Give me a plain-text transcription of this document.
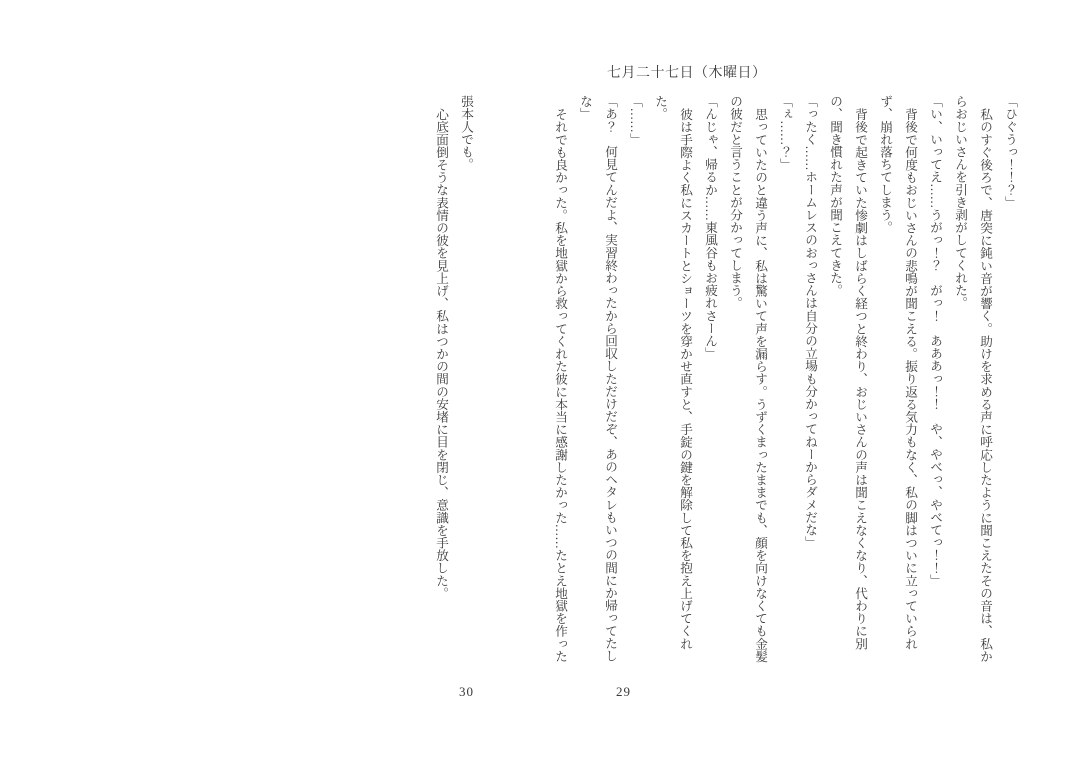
七月二十七日（木曜日）

「ひぐうっ！！？」

私のすぐ後ろで、唐突に鈍い音が響く。助けを求める声に呼応したように聞こえたその音は、私からおじいさんを引き剥がしてくれた。

「い、いってえ……うがっ！？　がっ！　あああっ！！　や、やべっ、やべてっ！！」

背後で何度もおじいさんの悲鳴が聞こえる。振り返る気力もなく、私の脚はついに立っていられず、崩れ落ちてしまう。

背後で起きていた惨劇はしばらく経つと終わり、おじいさんの声は聞こえなくなり、代わりに別の、聞き慣れた声が聞こえてきた。

「ったく……ホームレスのおっさんは自分の立場も分かってねーからダメだな」

「ぇ……？」

思っていたのと違う声に、私は驚いて声を漏らす。うずくまったままでも、顔を向けなくても金髪の彼だと言うことが分かってしまう。

「んじゃ、帰るか……東風谷もお疲れさーん」

彼は手際よく私にスカートとショーツを穿かせ直すと、手錠の鍵を解除して私を抱え上げてくれた。

「……」

「あ？　何見てんだよ、実習終わったから回収しただけだぞ、あのヘタレもいつの間にか帰ってたしな」

それでも良かった。私を地獄から救ってくれた彼に本当に感謝したかった……たとえ地獄を作った

29

張本人でも。

心底面倒そうな表情の彼を見上げ、私はつかの間の安堵に目を閉じ、意識を手放した。

30
